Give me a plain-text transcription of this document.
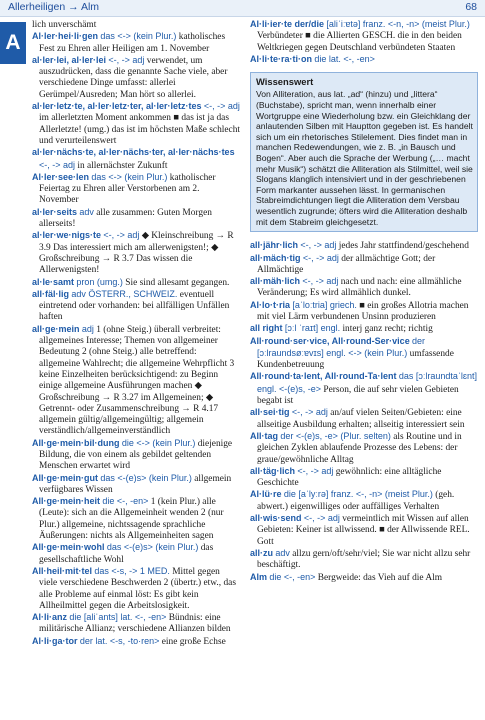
Allerheiligen → Alm	68
A

lich unverschämt

Al·ler·hei·li·gen das <-> (kein Plur.) katholisches Fest zu Ehren aller Heiligen am 1. November

al·ler·lei, al·ler·lei <-, -> adj verwendet, um auszudrücken, dass die genannte Sache viele, aber verschiedene Dinge umfasst: allerlei Gerümpel/Ausreden; Man hört so allerlei.

al·ler·letz·te, al·ler·letz·ter, al·ler·letz·tes <-, -> adj im allerletzten Moment ankommen ■ das ist ja das Allerletzte! (umg.) das ist im höchsten Maße schlecht und verurteilenswert

al·ler·nächs·te, al·ler·nächs·ter, al·ler·nächs·tes <-, -> adj in allernächster Zukunft

Al·ler·see·len das <-> (kein Plur.) katholischer Feiertag zu Ehren aller Verstorbenen am 2. November

al·ler·seits adv alle zusammen: Guten Morgen allerseits!

al·ler·we·nigs·te <-, -> adj ◆ Kleinschreibung → R 3.9 Das interessiert mich am allerwenigsten!; ◆ Großschreibung → R 3.7 Das wissen die Allerwenigsten!

al·le·samt pron (umg.) Sie sind allesamt gegangen.

all·fäl·lig adv ÖSTERR., SCHWEIZ. eventuell eintretend oder vorhanden: bei allfälligen Unfällen haften

all·ge·mein adj 1 (ohne Steig.) überall verbreitet: allgemeines Interesse; Themen von allgemeiner Bedeutung 2 (ohne Steig.) alle betreffend: allgemeine Wahlrecht; die allgemeine Wehrpflicht 3 keine Einzelheiten berücksichtigend: zu Beginn einige allgemeine Ausführungen machen ◆ Großschreibung → R 3.27 im Allgemeinen; ◆ Getrennt- oder Zusammenschreibung → R 4.17 allgemein gültig/allgemeingültig; allgemein verständlich/allgemeinverständlich

All·ge·mein·bil·dung die <-> (kein Plur.) diejenige Bildung, die von einem als gebildet geltenden Menschen erwartet wird

All·ge·mein·gut das <-(e)s> (kein Plur.) allgemein verfügbares Wissen

All·ge·mein·heit die <-, -en> 1 (kein Plur.) alle (Leute): sich an die Allgemeinheit wenden 2 (nur Plur.) allgemeine, nichtssagende sprachliche Äußerungen: nichts als Allgemeinheiten sagen

All·ge·mein·wohl das <-(e)s> (kein Plur.) das gesellschaftliche Wohl

All·heil·mit·tel das <-s, -> 1 MED. Mittel gegen viele verschiedene Beschwerden 2 (übertr.) etw., das alle Probleme auf einmal löst: Es gibt kein Allheilmittel gegen die Arbeitslosigkeit.

Al·li·anz die [aliˈants] lat. <-, -en> Bündnis: eine militärische Allianz; verschiedene Allianzen bilden

Al·li·ga·tor der lat. <-s, -to·ren> eine große Echse

Al·li·ier·te der/die [aliˈiːɐtə] franz. <-n, -n> (meist Plur.) Verbündeter ■ die Allierten GESCH. die in den beiden Weltkriegen gegen Deutschland verbündeten Staaten

Al·li·te·ra·ti·on die lat. <-, -en>

Wissenswert

Von Alliteration, aus lat. „ad“ (hinzu) und „littera“ (Buchstabe), spricht man, wenn innerhalb einer Wortgruppe eine Wiederholung bzw. ein Gleichklang der anlautenden Silben mit Hauptton gegeben ist. Es handelt sich um ein rhetorisches Stilelement. Dies findet man in manchen Redewendungen, wie z. B. „in Bausch und Bogen“. Aber auch die Sprache der Werbung („… macht mehr Musik“) schätzt die Alliteration als Stilmittel, weil sie Slogans klanglich intensiviert und in der geschriebenen Form markanter aussehen lässt. In germanischen Stabreimdichtungen liegt die Alliteration dem Versbau wesentlich zugrunde; öfters wird die Alliteration deshalb mit dem Stabreim gleichgesetzt.

all·jähr·lich <-, -> adj jedes Jahr stattfindend/geschehend

all·mäch·tig <-, -> adj der allmächtige Gott; der Allmächtige

all·mäh·lich <-, -> adj nach und nach: eine allmähliche Veränderung; Es wird allmählich dunkel.

Al·lo·t·ria [aˈloːtria] griech. ■ ein großes Allotria machen mit viel Lärm verbundenen Unsinn produzieren

all right [ɔːl ˈraɪt] engl. interj ganz recht; richtig

All·round·ser·vice, All·round-Ser·vice der [ɔːlraundsøːɐvɪs] engl. <-> (kein Plur.) umfassende Kundenbetreuung

All·round·ta·lent, All·round-Ta·lent das [ɔːlraundtaˈlɛnt] engl. <-(e)s, -e> Person, die auf sehr vielen Gebieten begabt ist

all·sei·tig <-, -> adj an/auf vielen Seiten/Gebieten: eine allseitige Ausbildung erhalten; allseitig interessiert sein

All·tag der <-(e)s, -e> (Plur. selten) als Routine und in gleichen Zyklen ablaufende Prozesse des Lebens: der graue/gewöhnliche Alltag

all·täg·lich <-, -> adj gewöhnlich: eine alltägliche Geschichte

Al·lü·re die [aˈlyːrə] franz. <-, -n> (meist Plur.) (geh. abwert.) eigenwilliges oder auffälliges Verhalten

all·wis·send <-, -> adj vermeintlich mit Wissen auf allen Gebieten: Keiner ist allwissend. ■ der Allwissende REL. Gott

all·zu adv allzu gern/oft/sehr/viel; Sie war nicht allzu sehr beschäftigt.

Alm die <-, -en> Bergweide: das Vieh auf die Alm
